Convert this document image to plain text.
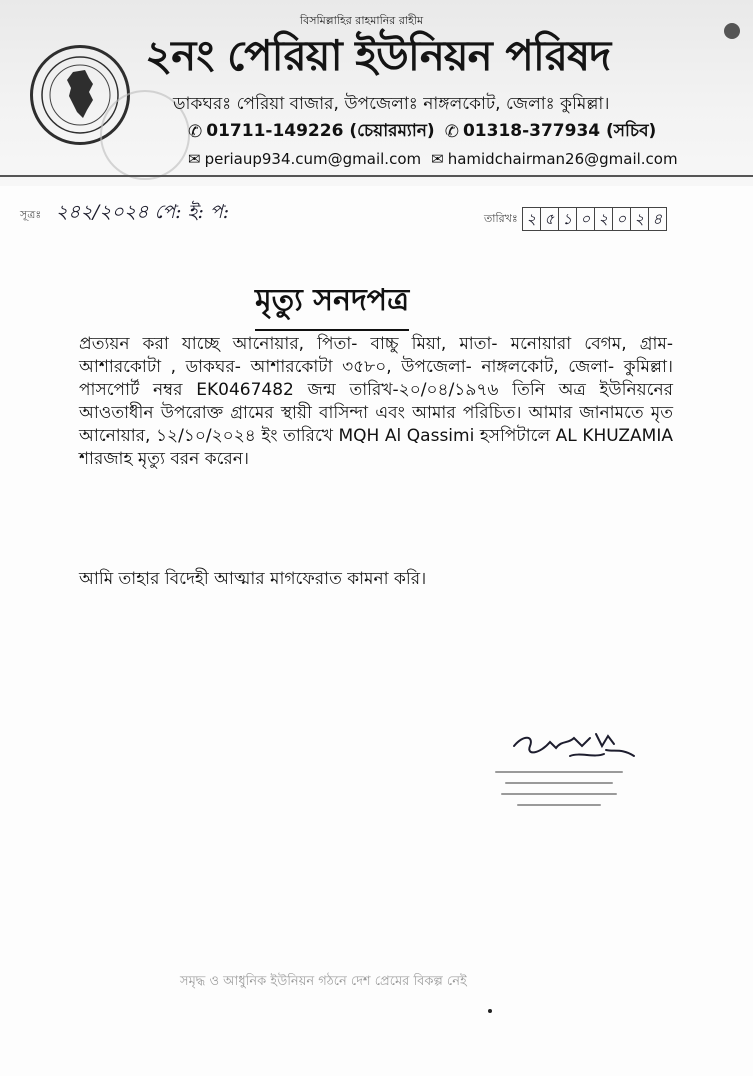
বিসমিল্লাহির রাহমানির রাহীম
২নং পেরিয়া ইউনিয়ন পরিষদ
ডাকঘরঃ পেরিয়া বাজার, উপজেলাঃ নাঙ্গলকোট, জেলাঃ কুমিল্লা।
✆ 01711-149226 (চেয়ারম্যান) ✆ 01318-377934 (সচিব)
✉ periaup934.cum@gmail.com ✉ hamidchairman26@gmail.com
সূত্রঃ ২৪২/২০২৪ পে: ই: প:	তারিখঃ ২ ৫ ১ ০ ২ ০ ২ ৪
মৃত্যু সনদপত্র
প্রত্যয়ন করা যাচ্ছে আনোয়ার, পিতা- বাচ্চু মিয়া, মাতা- মনোয়ারা বেগম, গ্রাম- আশারকোটা , ডাকঘর- আশারকোটা ৩৫৮০, উপজেলা- নাঙ্গলকোট, জেলা- কুমিল্লা। পাসপোর্ট নম্বর EK0467482 জন্ম তারিখ-২০/০৪/১৯৭৬ তিনি অত্র ইউনিয়নের আওতাধীন উপরোক্ত গ্রামের স্থায়ী বাসিন্দা এবং আমার পরিচিত। আমার জানামতে মৃত আনোয়ার, ১২/১০/২০২৪ ইং তারিখে MQH Al Qassimi হসপিটালে AL KHUZAMIA শারজাহ মৃত্যু বরন করেন।
আমি তাহার বিদেহী আত্মার মাগফেরাত কামনা করি।
সমৃদ্ধ ও আধুনিক ইউনিয়ন গঠনে দেশ প্রেমের বিকল্প নেই
